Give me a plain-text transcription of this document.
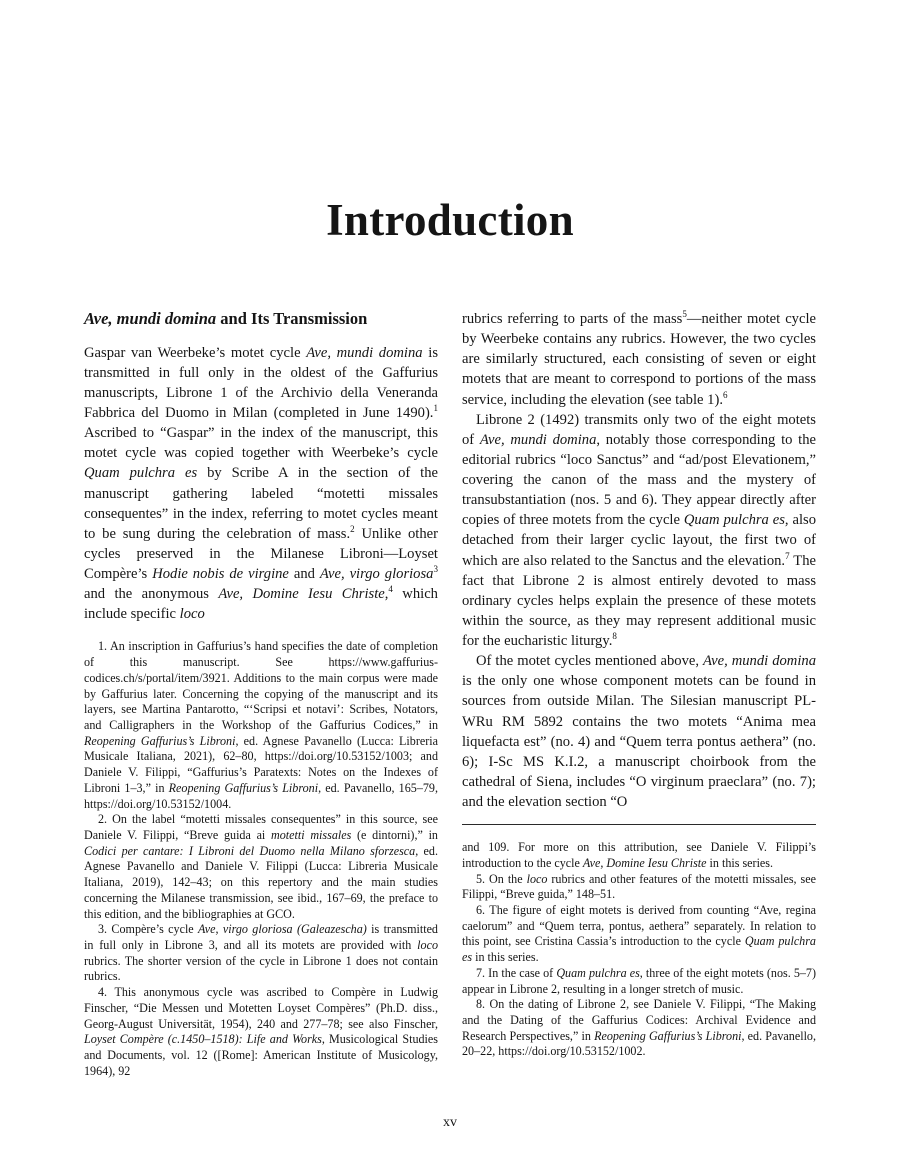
Introduction
Ave, mundi domina and Its Transmission

Gaspar van Weerbeke’s motet cycle Ave, mundi domina is transmitted in full only in the oldest of the Gaffurius manuscripts, Librone 1 of the Archivio della Veneranda Fabbrica del Duomo in Milan (completed in June 1490).$^1$ Ascribed to “Gaspar” in the index of the manuscript, this motet cycle was copied together with Weerbeke’s cycle Quam pulchra es by Scribe A in the section of the manuscript gathering labeled “motetti missales consequentes” in the index, referring to motet cycles meant to be sung during the celebration of mass.$^2$ Unlike other cycles preserved in the Milanese Libroni—Loyset Compère’s Hodie nobis de virgine and Ave, virgo gloriosa$^3$ and the anonymous Ave, Domine Iesu Christe,$^4$ which include specific loco

1. An inscription in Gaffurius’s hand specifies the date of completion of this manuscript. See https://www.gaffurius-codices.ch/s/portal/item/3921. Additions to the main corpus were made by Gaffurius later. Concerning the copying of the manuscript and its layers, see Martina Pantarotto, “‘Scripsi et notavi’: Scribes, Notators, and Calligraphers in the Workshop of the Gaffurius Codices,” in Reopening Gaffurius’s Libroni, ed. Agnese Pavanello (Lucca: Libreria Musicale Italiana, 2021), 62–80, https://doi.org/10.53152/1003; and Daniele V. Filippi, “Gaffurius’s Paratexts: Notes on the Indexes of Libroni 1–3,” in Reopening Gaffurius’s Libroni, ed. Pavanello, 165–79, https://doi.org/10.53152/1004.

2. On the label “motetti missales consequentes” in this source, see Daniele V. Filippi, “Breve guida ai motetti missales (e dintorni),” in Codici per cantare: I Libroni del Duomo nella Milano sforzesca, ed. Agnese Pavanello and Daniele V. Filippi (Lucca: Libreria Musicale Italiana, 2019), 142–43; on this repertory and the main studies concerning the Milanese transmission, see ibid., 167–69, the preface to this edition, and the bibliographies at GCO.

3. Compère’s cycle Ave, virgo gloriosa (Galeazescha) is transmitted in full only in Librone 3, and all its motets are provided with loco rubrics. The shorter version of the cycle in Librone 1 does not contain rubrics.

4. This anonymous cycle was ascribed to Compère in Ludwig Finscher, “Die Messen und Motetten Loyset Compères” (Ph.D. diss., Georg-August Universität, 1954), 240 and 277–78; see also Finscher, Loyset Compère (c.1450–1518): Life and Works, Musicological Studies and Documents, vol. 12 ([Rome]: American Institute of Musicology, 1964), 92

rubrics referring to parts of the mass$^5$—neither motet cycle by Weerbeke contains any rubrics. However, the two cycles are similarly structured, each consisting of seven or eight motets that are meant to correspond to portions of the mass service, including the elevation (see table 1).$^6$

Librone 2 (1492) transmits only two of the eight motets of Ave, mundi domina, notably those corresponding to the editorial rubrics “loco Sanctus” and “ad/post Elevationem,” covering the canon of the mass and the mystery of transubstantiation (nos. 5 and 6). They appear directly after copies of three motets from the cycle Quam pulchra es, also detached from their larger cyclic layout, the first two of which are also related to the Sanctus and the elevation.$^7$ The fact that Librone 2 is almost entirely devoted to mass ordinary cycles helps explain the presence of these motets within the source, as they may represent additional music for the eucharistic liturgy.$^8$

Of the motet cycles mentioned above, Ave, mundi domina is the only one whose component motets can be found in sources from outside Milan. The Silesian manuscript PL-WRu RM 5892 contains the two motets “Anima mea liquefacta est” (no. 4) and “Quem terra pontus aethera” (no. 6); I-Sc MS K.I.2, a manuscript choirbook from the cathedral of Siena, includes “O virginum praeclara” (no. 7); and the elevation section “O

and 109. For more on this attribution, see Daniele V. Filippi’s introduction to the cycle Ave, Domine Iesu Christe in this series.

5. On the loco rubrics and other features of the motetti missales, see Filippi, “Breve guida,” 148–51.

6. The figure of eight motets is derived from counting “Ave, regina caelorum” and “Quem terra, pontus, aethera” separately. In relation to this point, see Cristina Cassia’s introduction to the cycle Quam pulchra es in this series.

7. In the case of Quam pulchra es, three of the eight motets (nos. 5–7) appear in Librone 2, resulting in a longer stretch of music.

8. On the dating of Librone 2, see Daniele V. Filippi, “The Making and the Dating of the Gaffurius Codices: Archival Evidence and Research Perspectives,” in Reopening Gaffurius’s Libroni, ed. Pavanello, 20–22, https://doi.org/10.53152/1002.

xv
